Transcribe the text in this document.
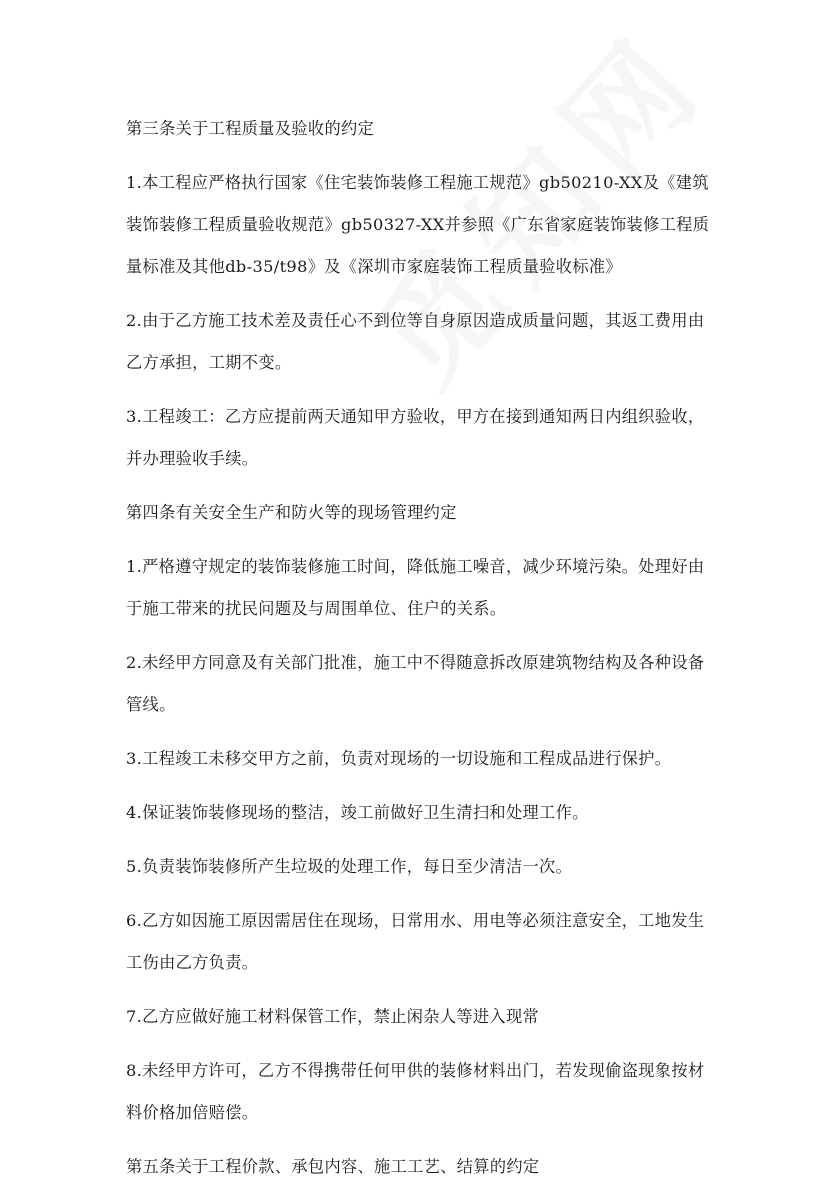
第三条关于工程质量及验收的约定

1.本工程应严格执行国家《住宅装饰装修工程施工规范》gb50210-XX及《建筑装饰装修工程质量验收规范》gb50327-XX并参照《广东省家庭装饰装修工程质量标准及其他db-35/t98》及《深圳市家庭装饰工程质量验收标准》

2.由于乙方施工技术差及责任心不到位等自身原因造成质量问题，其返工费用由乙方承担，工期不变。

3.工程竣工：乙方应提前两天通知甲方验收，甲方在接到通知两日内组织验收，并办理验收手续。

第四条有关安全生产和防火等的现场管理约定

1.严格遵守规定的装饰装修施工时间，降低施工噪音，减少环境污染。处理好由于施工带来的扰民问题及与周围单位、住户的关系。

2.未经甲方同意及有关部门批准，施工中不得随意拆改原建筑物结构及各种设备管线。

3.工程竣工未移交甲方之前，负责对现场的一切设施和工程成品进行保护。

4.保证装饰装修现场的整洁，竣工前做好卫生清扫和处理工作。

5.负责装饰装修所产生垃圾的处理工作，每日至少清洁一次。

6.乙方如因施工原因需居住在现场，日常用水、用电等必须注意安全，工地发生工伤由乙方负责。

7.乙方应做好施工材料保管工作，禁止闲杂人等进入现常

8.未经甲方许可，乙方不得携带任何甲供的装修材料出门，若发现偷盗现象按材料价格加倍赔偿。

第五条关于工程价款、承包内容、施工工艺、结算的约定
